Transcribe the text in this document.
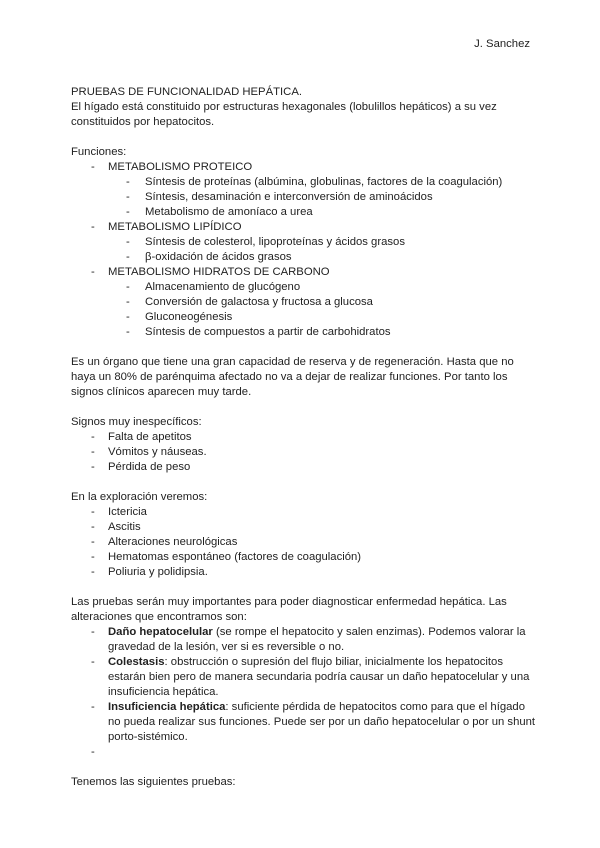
J. Sanchez

PRUEBAS DE FUNCIONALIDAD HEPÁTICA.

El hígado está constituido por estructuras hexagonales (lobulillos hepáticos) a su vez constituidos por hepatocitos.

Funciones:

- METABOLISMO PROTEICO
- Síntesis de proteínas (albúmina, globulinas, factores de la coagulación)
- Síntesis, desaminación e interconversión de aminoácidos
- Metabolismo de amoníaco a urea
- METABOLISMO LIPÍDICO
- Síntesis de colesterol, lipoproteínas y ácidos grasos
- β-oxidación de ácidos grasos
- METABOLISMO HIDRATOS DE CARBONO
- Almacenamiento de glucógeno
- Conversión de galactosa y fructosa a glucosa
- Gluconeogénesis
- Síntesis de compuestos a partir de carbohidratos

Es un órgano que tiene una gran capacidad de reserva y de regeneración. Hasta que no haya un 80% de parénquima afectado no va a dejar de realizar funciones. Por tanto los signos clínicos aparecen muy tarde.

Signos muy inespecíficos:

- Falta de apetitos
- Vómitos y náuseas.
- Pérdida de peso

En la exploración veremos:

- Ictericia
- Ascitis
- Alteraciones neurológicas
- Hematomas espontáneo (factores de coagulación)
- Poliuria y polidipsia.

Las pruebas serán muy importantes para poder diagnosticar enfermedad hepática. Las alteraciones que encontramos son:

- Daño hepatocelular (se rompe el hepatocito y salen enzimas). Podemos valorar la gravedad de la lesión, ver si es reversible o no.
- Colestasis: obstrucción o supresión del flujo biliar, inicialmente los hepatocitos estarán bien pero de manera secundaria podría causar un daño hepatocelular y una insuficiencia hepática.
- Insuficiencia hepática: suficiente pérdida de hepatocitos como para que el hígado no pueda realizar sus funciones. Puede ser por un daño hepatocelular o por un shunt porto-sistémico.
-

Tenemos las siguientes pruebas:
